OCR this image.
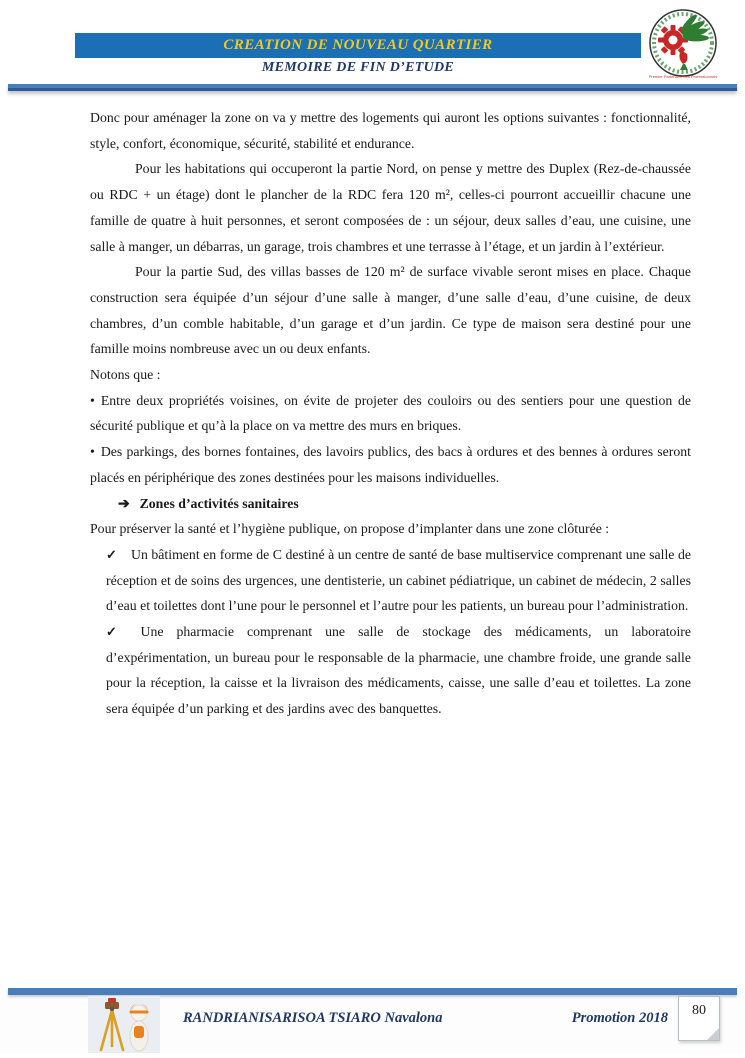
CREATION DE NOUVEAU QUARTIER
MEMOIRE DE FIN D’ETUDE
Premier Partenaire des Professionnels

Donc pour aménager la zone on va y mettre des logements qui auront les options suivantes : fonctionnalité, style, confort, économique, sécurité, stabilité et endurance.

Pour les habitations qui occuperont la partie Nord, on pense y mettre des Duplex (Rez-de-chaussée ou RDC + un étage) dont le plancher de la RDC fera 120 m², celles-ci pourront accueillir chacune une famille de quatre à huit personnes, et seront composées de : un séjour, deux salles d’eau, une cuisine, une salle à manger, un débarras, un garage, trois chambres et une terrasse à l’étage, et un jardin à l’extérieur.

Pour la partie Sud, des villas basses de 120 m² de surface vivable seront mises en place. Chaque construction sera équipée d’un séjour d’une salle à manger, d’une salle d’eau, d’une cuisine, de deux chambres, d’un comble habitable, d’un garage et d’un jardin. Ce type de maison sera destiné pour une famille moins nombreuse avec un ou deux enfants.

Notons que :

• Entre deux propriétés voisines, on évite de projeter des couloirs ou des sentiers pour une question de sécurité publique et qu’à la place on va mettre des murs en briques.

• Des parkings, des bornes fontaines, des lavoirs publics, des bacs à ordures et des bennes à ordures seront placés en périphérique des zones destinées pour les maisons individuelles.

➔ Zones d’activités sanitaires

Pour préserver la santé et l’hygiène publique, on propose d’implanter dans une zone clôturée :

✓ Un bâtiment en forme de C destiné à un centre de santé de base multiservice comprenant une salle de réception et de soins des urgences, une dentisterie, un cabinet pédiatrique, un cabinet de médecin, 2 salles d’eau et toilettes dont l’une pour le personnel et l’autre pour les patients, un bureau pour l’administration.

✓ Une pharmacie comprenant une salle de stockage des médicaments, un laboratoire d’expérimentation, un bureau pour le responsable de la pharmacie, une chambre froide, une grande salle pour la réception, la caisse et la livraison des médicaments, caisse, une salle d’eau et toilettes. La zone sera équipée d’un parking et des jardins avec des banquettes.

RANDRIANISARISOA TSIARO Navalona	Promotion 2018	80
